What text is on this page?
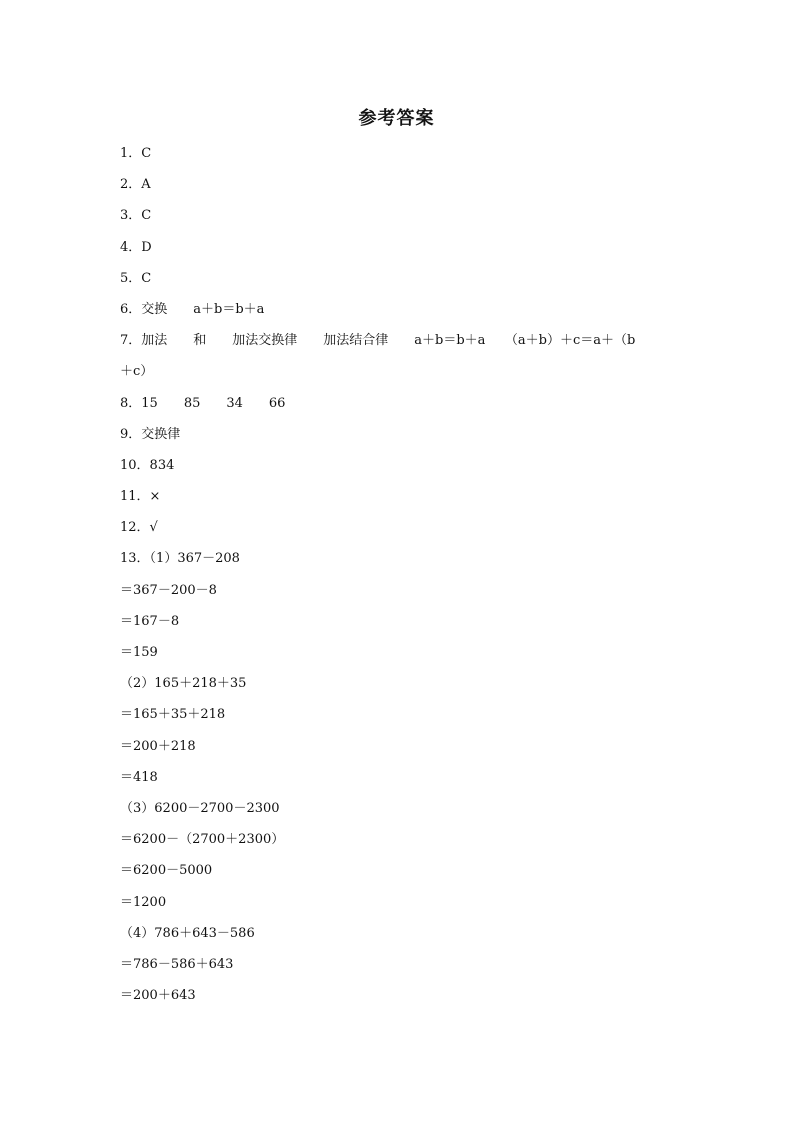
参考答案
1．C
2．A
3．C
4．D
5．C
6．交换　　a＋b＝b＋a
7．加法　　和　　加法交换律　　加法结合律　　a＋b＝b＋a　　（a＋b）＋c＝a＋（b
＋c）
8．15　　85　　34　　66
9．交换律
10．834
11．×
12．√
13．（1）367－208
＝367－200－8
＝167－8
＝159
（2）165＋218＋35
＝165＋35＋218
＝200＋218
＝418
（3）6200－2700－2300
＝6200－（2700＋2300）
＝6200－5000
＝1200
（4）786＋643－586
＝786－586＋643
＝200＋643
